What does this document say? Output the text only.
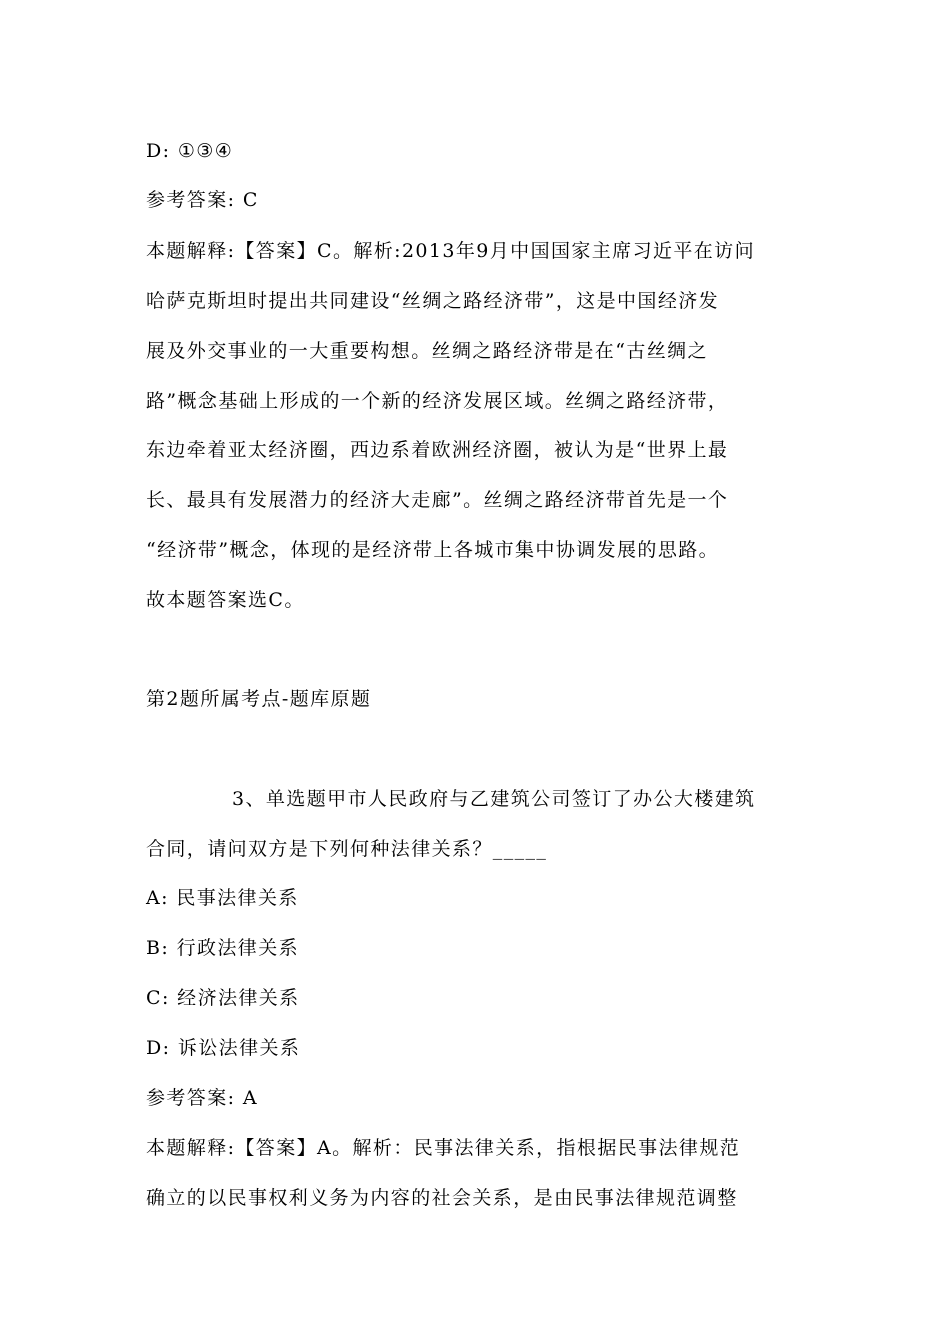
D: ①③④
参考答案: C
本题解释:【答案】C。解析:2013年9月中国国家主席习近平在访问
哈萨克斯坦时提出共同建设“丝绸之路经济带”，这是中国经济发
展及外交事业的一大重要构想。丝绸之路经济带是在“古丝绸之
路”概念基础上形成的一个新的经济发展区域。丝绸之路经济带，
东边牵着亚太经济圈，西边系着欧洲经济圈，被认为是“世界上最
长、最具有发展潜力的经济大走廊”。丝绸之路经济带首先是一个
“经济带”概念，体现的是经济带上各城市集中协调发展的思路。
故本题答案选C。
第2题所属考点-题库原题
3、单选题甲市人民政府与乙建筑公司签订了办公大楼建筑
合同，请问双方是下列何种法律关系？_____
A: 民事法律关系
B: 行政法律关系
C: 经济法律关系
D: 诉讼法律关系
参考答案: A
本题解释:【答案】A。解析：民事法律关系，指根据民事法律规范
确立的以民事权利义务为内容的社会关系，是由民事法律规范调整
